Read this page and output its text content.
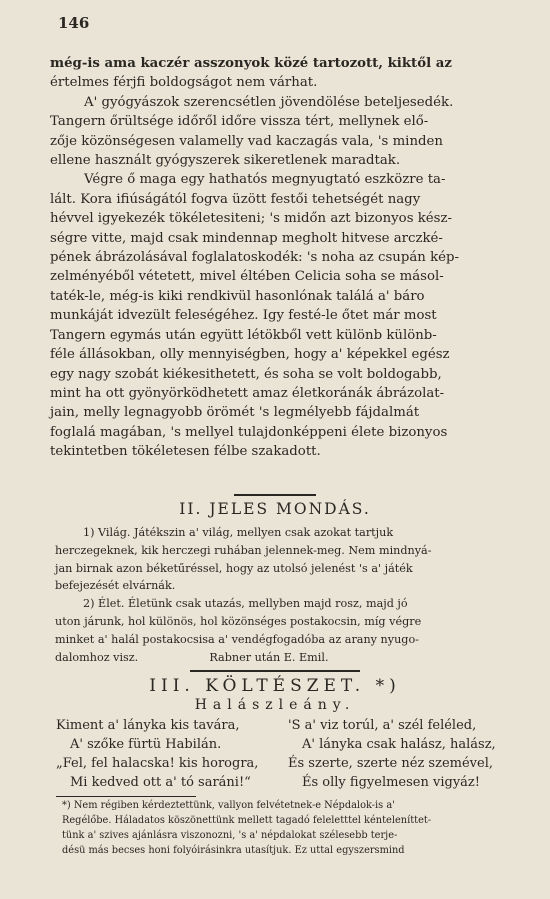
146
még-is ama kaczér asszonyok közé tartozott, kiktől az
értelmes férjfi boldogságot nem várhat.
A' gyógyászok szerencsétlen jövendölése beteljesedék.
Tangern őrültsége időről időre vissza tért, mellynek elő-
zője közönségesen valamelly vad kaczagás vala, 's minden
ellene használt gyógyszerek sikeretlenek maradtak.
Végre ő maga egy hathatós megnyugtató eszközre ta-
lált. Kora ifiúságától fogva üzött festői tehetségét nagy
hévvel igyekezék tökéletesiteni; 's midőn azt bizonyos kész-
ségre vitte, majd csak mindennap megholt hitvese arczké-
pének ábrázolásával foglalatoskodék: 's noha az csupán kép-
zelményéből vétetett, mivel éltében Celicia soha se másol-
taték-le, még-is kiki rendkivül hasonlónak találá a' báro
munkáját idvezült feleségéhez. Igy festé-le őtet már most
Tangern egymás után együtt létökből vett különb különb-
féle állásokban, olly mennyiségben, hogy a' képekkel egész
egy nagy szobát kiékesithetett, és soha se volt boldogabb,
mint ha ott gyönyörködhetett amaz életkoránák ábrázolat-
jain, melly legnagyobb örömét 's legmélyebb fájdalmát
foglalá magában, 's mellyel tulajdonképpeni élete bizonyos
tekintetben tökéletesen félbe szakadott.
II. JELES MONDÁS.
1) Világ. Játékszin a' világ, mellyen csak azokat tartjuk
herczegeknek, kik herczegi ruhában jelennek-meg. Nem mindnyá-
jan birnak azon béketűréssel, hogy az utolsó jelenést 's a' játék
befejezését elvárnák.
2) Élet. Életünk csak utazás, mellyben majd rosz, majd jó
uton járunk, hol különös, hol közönséges postakocsin, míg végre
minket a' halál postakocsisa a' vendégfogadóba az arany nyugo-
dalomhoz visz.                    Rabner után E. Emil.
III. KÖLTÉSZET. *)
Halászleány.
Kiment a' lányka kis tavára,	'S a' viz torúl, a' szél feléled,
A' szőke fürtü Habilán.	A' lányka csak halász, halász,
„Fel, fel halacska! kis horogra,	És szerte, szerte néz szemével,
Mi kedved ott a' tó saráni!“	És olly figyelmesen vigyáz!
*) Nem régiben kérdeztettünk, vallyon felvétetnek-e Népdalok-is a'
Regélőbe. Háladatos köszönettünk mellett tagadó feleletttel kénteleníttet-
tünk a' szives ajánlásra viszonozni, 's a' népdalokat szélesebb terje-
désü más becses honi folyóirásinkra utasítjuk. Ez uttal egyszersmind
